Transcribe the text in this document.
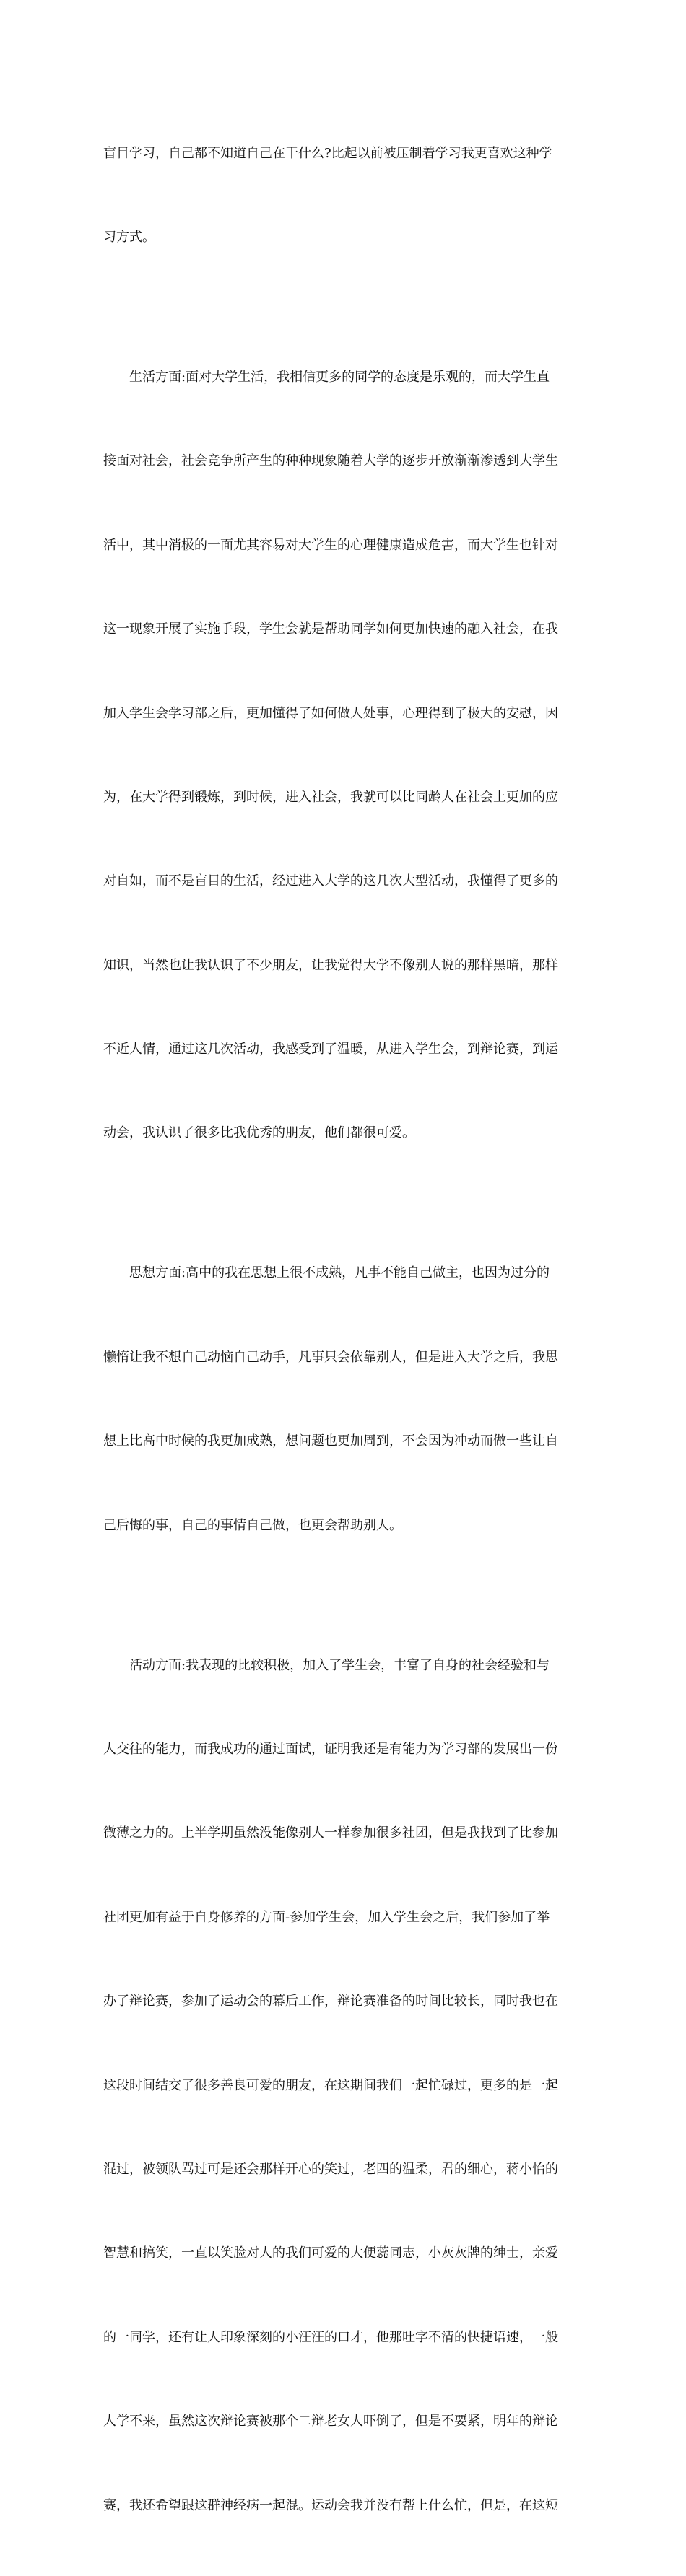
盲目学习，自己都不知道自己在干什么?比起以前被压制着学习我更喜欢这种学

习方式。

生活方面:面对大学生活，我相信更多的同学的态度是乐观的，而大学生直

接面对社会，社会竞争所产生的种种现象随着大学的逐步开放渐渐渗透到大学生

活中，其中消极的一面尤其容易对大学生的心理健康造成危害，而大学生也针对

这一现象开展了实施手段，学生会就是帮助同学如何更加快速的融入社会，在我

加入学生会学习部之后，更加懂得了如何做人处事，心理得到了极大的安慰，因

为，在大学得到锻炼，到时候，进入社会，我就可以比同龄人在社会上更加的应

对自如，而不是盲目的生活，经过进入大学的这几次大型活动，我懂得了更多的

知识，当然也让我认识了不少朋友，让我觉得大学不像别人说的那样黑暗，那样

不近人情，通过这几次活动，我感受到了温暖，从进入学生会，到辩论赛，到运

动会，我认识了很多比我优秀的朋友，他们都很可爱。

思想方面:高中的我在思想上很不成熟，凡事不能自己做主，也因为过分的

懒惰让我不想自己动恼自己动手，凡事只会依靠别人，但是进入大学之后，我思

想上比高中时候的我更加成熟，想问题也更加周到，不会因为冲动而做一些让自

己后悔的事，自己的事情自己做，也更会帮助别人。

活动方面:我表现的比较积极，加入了学生会，丰富了自身的社会经验和与

人交往的能力，而我成功的通过面试，证明我还是有能力为学习部的发展出一份

微薄之力的。上半学期虽然没能像别人一样参加很多社团，但是我找到了比参加

社团更加有益于自身修养的方面-参加学生会，加入学生会之后，我们参加了举

办了辩论赛，参加了运动会的幕后工作，辩论赛准备的时间比较长，同时我也在

这段时间结交了很多善良可爱的朋友，在这期间我们一起忙碌过，更多的是一起

混过，被领队骂过可是还会那样开心的笑过，老四的温柔，君的细心，蒋小怡的

智慧和搞笑，一直以笑脸对人的我们可爱的大便蕊同志，小灰灰牌的绅士，亲爱

的一同学，还有让人印象深刻的小汪汪的口才，他那吐字不清的快捷语速，一般

人学不来，虽然这次辩论赛被那个二辩老女人吓倒了，但是不要紧，明年的辩论

赛，我还希望跟这群神经病一起混。运动会我并没有帮上什么忙，但是，在这短
